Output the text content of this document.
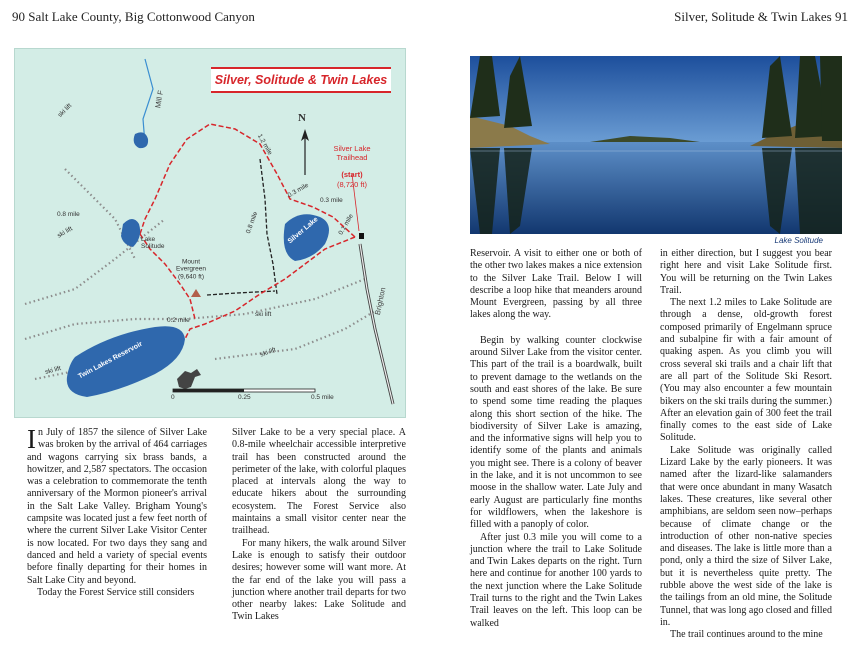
90 Salt Lake County, Big Cottonwood Canyon	Silver, Solitude & Twin Lakes 91
Silver, Solitude & Twin Lakes
N
Mill F
ski lift
ski lift
ski lift
ski lift
ski lift
0.8 mile
1.2 mile
0.8 mile
0.3 mile
0.3 mile
0.1 mile
0.2 mile
Lake
Solitude
Silver Lake
Twin Lakes Reservoir
Mount
Evergreen
(9,640 ft)
Silver Lake
Trailhead
(start)
(8,720 ft)
Brighton
0	0.25	0.5 mile
Lake Solitude

In July of 1857 the silence of Silver Lake was broken by the arrival of 464 carriages and wagons carrying six brass bands, a howitzer, and 2,587 spectators. The occasion was a celebration to commemorate the tenth anniversary of the Mormon pioneer's arrival in the Salt Lake Valley. Brigham Young's campsite was located just a few feet north of where the current Silver Lake Visitor Center is now located. For two days they sang and danced and held a variety of special events before finally departing for their homes in Salt Lake City and beyond.

Today the Forest Service still considers

Silver Lake to be a very special place. A 0.8-mile wheelchair accessible interpretive trail has been constructed around the perimeter of the lake, with colorful plaques placed at intervals along the way to educate hikers about the surrounding ecosystem. The Forest Service also maintains a small visitor center near the trailhead.

For many hikers, the walk around Silver Lake is enough to satisfy their outdoor desires; however some will want more. At the far end of the lake you will pass a junction where another trail departs for two other nearby lakes: Lake Solitude and Twin Lakes

Reservoir. A visit to either one or both of the other two lakes makes a nice extension to the Silver Lake Trail. Below I will describe a loop hike that meanders around Mount Evergreen, passing by all three lakes along the way.

Begin by walking counter clockwise around Silver Lake from the visitor center. This part of the trail is a boardwalk, built to prevent damage to the wetlands on the south and east shores of the lake. Be sure to spend some time reading the plaques along this short section of the hike. The biodiversity of Silver Lake is amazing, and the informative signs will help you to identify some of the plants and animals you might see. There is a colony of beaver in the lake, and it is not uncommon to see moose in the shallow water. Late July and early August are particularly fine months for wildflowers, when the lakeshore is filled with a panoply of color.

After just 0.3 mile you will come to a junction where the trail to Lake Solitude and Twin Lakes departs on the right. Turn here and continue for another 100 yards to the next junction where the Lake Solitude Trail turns to the right and the Twin Lakes Trail leaves on the left. This loop can be walked

in either direction, but I suggest you bear right here and visit Lake Solitude first. You will be returning on the Twin Lakes Trail.

The next 1.2 miles to Lake Solitude are through a dense, old-growth forest composed primarily of Engelmann spruce and subalpine fir with a fair amount of quaking aspen. As you climb you will cross several ski trails and a chair lift that are all part of the Solitude Ski Resort. (You may also encounter a few mountain bikers on the ski trails during the summer.) After an elevation gain of 300 feet the trail finally comes to the east side of Lake Solitude.

Lake Solitude was originally called Lizard Lake by the early pioneers. It was named after the lizard-like salamanders that were once abundant in many Wasatch lakes. These creatures, like several other amphibians, are seldom seen now–perhaps because of climate change or the introduction of other non-native species and diseases. The lake is little more than a pond, only a third the size of Silver Lake, but it is nevertheless quite pretty. The rubble above the west side of the lake is the tailings from an old mine, the Solitude Tunnel, that was long ago closed and filled in.

The trail continues around to the mine
